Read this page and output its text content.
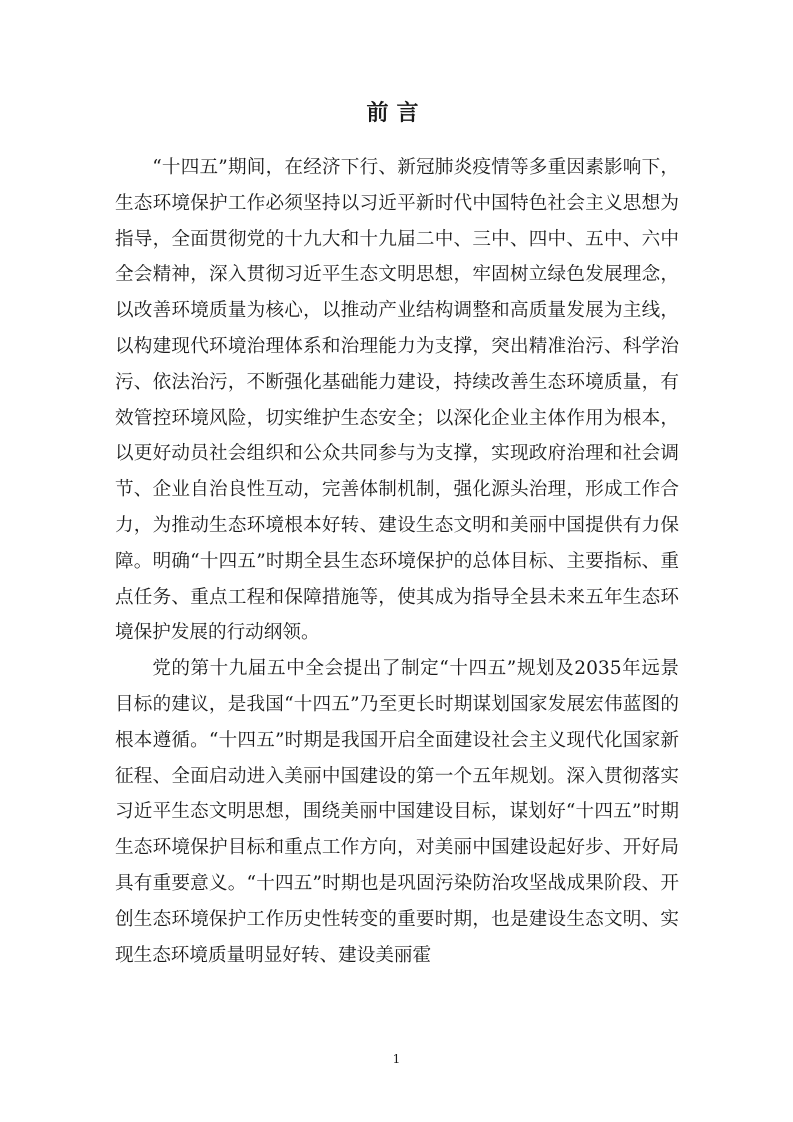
前言

“十四五”期间，在经济下行、新冠肺炎疫情等多重因素影响下，生态环境保护工作必须坚持以习近平新时代中国特色社会主义思想为指导，全面贯彻党的十九大和十九届二中、三中、四中、五中、六中全会精神，深入贯彻习近平生态文明思想，牢固树立绿色发展理念，以改善环境质量为核心，以推动产业结构调整和高质量发展为主线，以构建现代环境治理体系和治理能力为支撑，突出精准治污、科学治污、依法治污，不断强化基础能力建设，持续改善生态环境质量，有效管控环境风险，切实维护生态安全；以深化企业主体作用为根本，以更好动员社会组织和公众共同参与为支撑，实现政府治理和社会调节、企业自治良性互动，完善体制机制，强化源头治理，形成工作合力，为推动生态环境根本好转、建设生态文明和美丽中国提供有力保障。明确“十四五”时期全县生态环境保护的总体目标、主要指标、重点任务、重点工程和保障措施等，使其成为指导全县未来五年生态环境保护发展的行动纲领。

党的第十九届五中全会提出了制定“十四五”规划及2035年远景目标的建议，是我国“十四五”乃至更长时期谋划国家发展宏伟蓝图的根本遵循。“十四五”时期是我国开启全面建设社会主义现代化国家新征程、全面启动进入美丽中国建设的第一个五年规划。深入贯彻落实习近平生态文明思想，围绕美丽中国建设目标，谋划好“十四五”时期生态环境保护目标和重点工作方向，对美丽中国建设起好步、开好局具有重要意义。“十四五”时期也是巩固污染防治攻坚战成果阶段、开创生态环境保护工作历史性转变的重要时期，也是建设生态文明、实现生态环境质量明显好转、建设美丽霍

1
